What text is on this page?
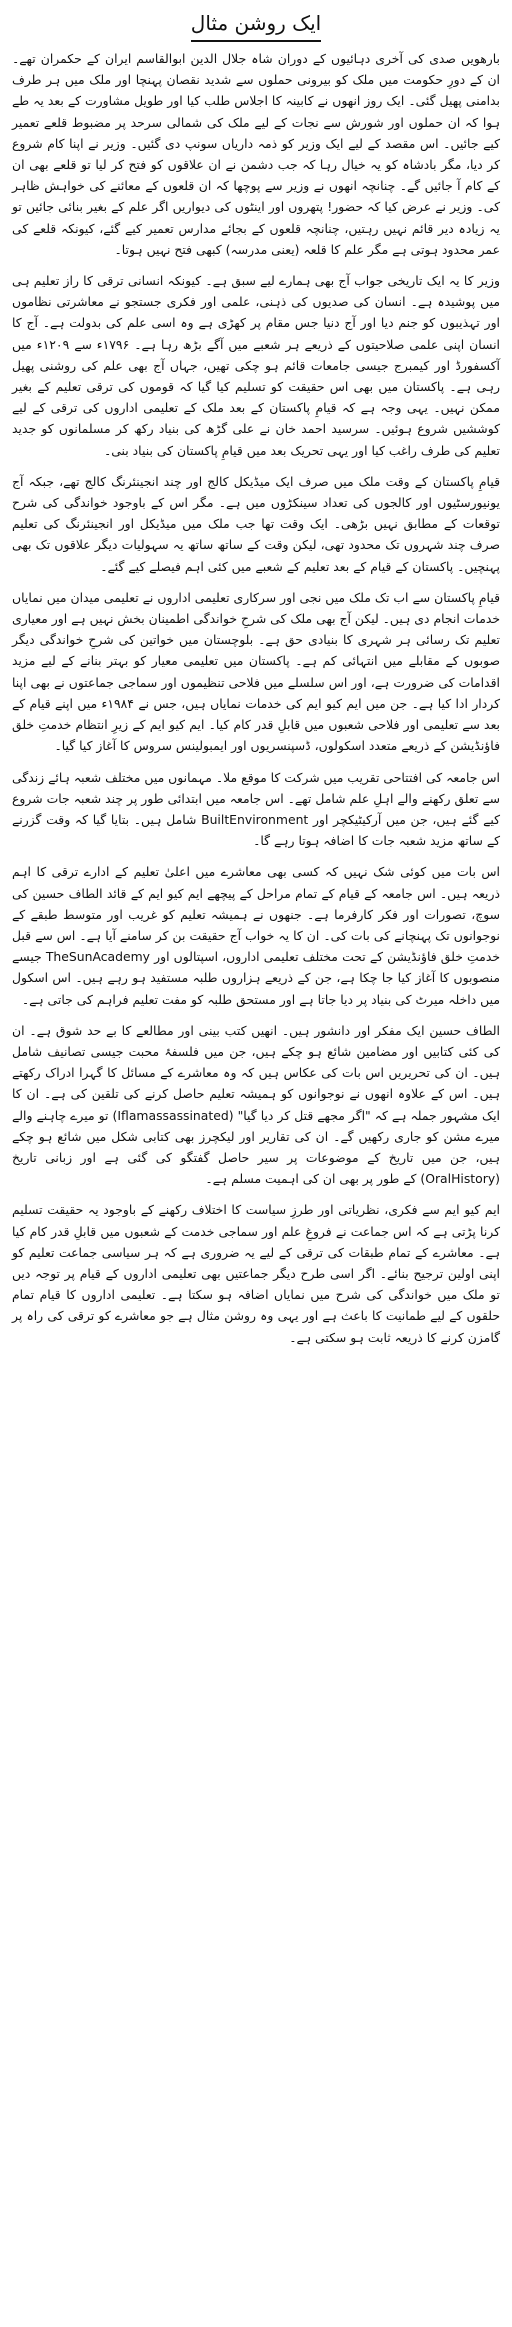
ایک روشن مثال

بارھویں صدی کی آخری دہائیوں کے دوران شاہ جلال الدین ابوالقاسم ایران کے حکمران تھے۔ ان کے دورِ حکومت میں ملک کو بیرونی حملوں سے شدید نقصان پہنچا اور ملک میں ہر طرف بدامنی پھیل گئی۔ ایک روز انھوں نے کابینہ کا اجلاس طلب کیا اور طویل مشاورت کے بعد یہ طے ہوا کہ ان حملوں اور شورش سے نجات کے لیے ملک کی شمالی سرحد پر مضبوط قلعے تعمیر کیے جائیں۔ اس مقصد کے لیے ایک وزیر کو ذمہ داریاں سونپ دی گئیں۔ وزیر نے اپنا کام شروع کر دیا، مگر بادشاہ کو یہ خیال رہا کہ جب دشمن نے ان علاقوں کو فتح کر لیا تو قلعے بھی ان کے کام آ جائیں گے۔ چنانچہ انھوں نے وزیر سے پوچھا کہ ان قلعوں کے معائنے کی خواہش ظاہر کی۔ وزیر نے عرض کیا کہ حضور! پتھروں اور اینٹوں کی دیواریں اگر علم کے بغیر بنائی جائیں تو یہ زیادہ دیر قائم نہیں رہتیں، چنانچہ قلعوں کے بجائے مدارس تعمیر کیے گئے، کیونکہ قلعے کی عمر محدود ہوتی ہے مگر علم کا قلعہ (یعنی مدرسہ) کبھی فتح نہیں ہوتا۔

وزیر کا یہ ایک تاریخی جواب آج بھی ہمارے لیے سبق ہے۔ کیونکہ انسانی ترقی کا راز تعلیم ہی میں پوشیدہ ہے۔ انسان کی صدیوں کی ذہنی، علمی اور فکری جستجو نے معاشرتی نظاموں اور تہذیبوں کو جنم دیا اور آج دنیا جس مقام پر کھڑی ہے وہ اسی علم کی بدولت ہے۔ آج کا انسان اپنی علمی صلاحیتوں کے ذریعے ہر شعبے میں آگے بڑھ رہا ہے۔ ۱۷۹۶ء سے ۱۲۰۹ء میں آکسفورڈ اور کیمبرج جیسی جامعات قائم ہو چکی تھیں، جہاں آج بھی علم کی روشنی پھیل رہی ہے۔ پاکستان میں بھی اس حقیقت کو تسلیم کیا گیا کہ قوموں کی ترقی تعلیم کے بغیر ممکن نہیں۔ یہی وجہ ہے کہ قیامِ پاکستان کے بعد ملک کے تعلیمی اداروں کی ترقی کے لیے کوششیں شروع ہوئیں۔ سرسید احمد خان نے علی گڑھ کی بنیاد رکھ کر مسلمانوں کو جدید تعلیم کی طرف راغب کیا اور یہی تحریک بعد میں قیامِ پاکستان کی بنیاد بنی۔

قیامِ پاکستان کے وقت ملک میں صرف ایک میڈیکل کالج اور چند انجینئرنگ کالج تھے، جبکہ آج یونیورسٹیوں اور کالجوں کی تعداد سینکڑوں میں ہے۔ مگر اس کے باوجود خواندگی کی شرح توقعات کے مطابق نہیں بڑھی۔ ایک وقت تھا جب ملک میں میڈیکل اور انجینئرنگ کی تعلیم صرف چند شہروں تک محدود تھی، لیکن وقت کے ساتھ ساتھ یہ سہولیات دیگر علاقوں تک بھی پہنچیں۔ پاکستان کے قیام کے بعد تعلیم کے شعبے میں کئی اہم فیصلے کیے گئے۔

قیامِ پاکستان سے اب تک ملک میں نجی اور سرکاری تعلیمی اداروں نے تعلیمی میدان میں نمایاں خدمات انجام دی ہیں۔ لیکن آج بھی ملک کی شرحِ خواندگی اطمینان بخش نہیں ہے اور معیاری تعلیم تک رسائی ہر شہری کا بنیادی حق ہے۔ بلوچستان میں خواتین کی شرحِ خواندگی دیگر صوبوں کے مقابلے میں انتہائی کم ہے۔ پاکستان میں تعلیمی معیار کو بہتر بنانے کے لیے مزید اقدامات کی ضرورت ہے، اور اس سلسلے میں فلاحی تنظیموں اور سماجی جماعتوں نے بھی اپنا کردار ادا کیا ہے۔ جن میں ایم کیو ایم کی خدمات نمایاں ہیں، جس نے ۱۹۸۴ء میں اپنے قیام کے بعد سے تعلیمی اور فلاحی شعبوں میں قابلِ قدر کام کیا۔ ایم کیو ایم کے زیرِ انتظام خدمتِ خلق فاؤنڈیشن کے ذریعے متعدد اسکولوں، ڈسپنسریوں اور ایمبولینس سروس کا آغاز کیا گیا۔

اس جامعہ کی افتتاحی تقریب میں شرکت کا موقع ملا۔ مہمانوں میں مختلف شعبہ ہائے زندگی سے تعلق رکھنے والے اہلِ علم شامل تھے۔ اس جامعہ میں ابتدائی طور پر چند شعبہ جات شروع کیے گئے ہیں، جن میں آرکیٹیکچر اور BuiltEnvironment شامل ہیں۔ بتایا گیا کہ وقت گزرنے کے ساتھ مزید شعبہ جات کا اضافہ ہوتا رہے گا۔

اس بات میں کوئی شک نہیں کہ کسی بھی معاشرے میں اعلیٰ تعلیم کے ادارے ترقی کا اہم ذریعہ ہیں۔ اس جامعہ کے قیام کے تمام مراحل کے پیچھے ایم کیو ایم کے قائد الطاف حسین کی سوچ، تصورات اور فکر کارفرما ہے۔ جنھوں نے ہمیشہ تعلیم کو غریب اور متوسط طبقے کے نوجوانوں تک پہنچانے کی بات کی۔ ان کا یہ خواب آج حقیقت بن کر سامنے آیا ہے۔ اس سے قبل خدمتِ خلق فاؤنڈیشن کے تحت مختلف تعلیمی اداروں، اسپتالوں اور TheSunAcademy جیسے منصوبوں کا آغاز کیا جا چکا ہے، جن کے ذریعے ہزاروں طلبہ مستفید ہو رہے ہیں۔ اس اسکول میں داخلہ میرٹ کی بنیاد پر دیا جاتا ہے اور مستحق طلبہ کو مفت تعلیم فراہم کی جاتی ہے۔

الطاف حسین ایک مفکر اور دانشور ہیں۔ انھیں کتب بینی اور مطالعے کا بے حد شوق ہے۔ ان کی کئی کتابیں اور مضامین شائع ہو چکے ہیں، جن میں فلسفۂ محبت جیسی تصانیف شامل ہیں۔ ان کی تحریریں اس بات کی عکاس ہیں کہ وہ معاشرے کے مسائل کا گہرا ادراک رکھتے ہیں۔ اس کے علاوہ انھوں نے نوجوانوں کو ہمیشہ تعلیم حاصل کرنے کی تلقین کی ہے۔ ان کا ایک مشہور جملہ ہے کہ "اگر مجھے قتل کر دیا گیا" (Iflamassassinated) تو میرے چاہنے والے میرے مشن کو جاری رکھیں گے۔ ان کی تقاریر اور لیکچرز بھی کتابی شکل میں شائع ہو چکے ہیں، جن میں تاریخ کے موضوعات پر سیر حاصل گفتگو کی گئی ہے اور زبانی تاریخ (OralHistory) کے طور پر بھی ان کی اہمیت مسلم ہے۔

ایم کیو ایم سے فکری، نظریاتی اور طرزِ سیاست کا اختلاف رکھنے کے باوجود یہ حقیقت تسلیم کرنا پڑتی ہے کہ اس جماعت نے فروغِ علم اور سماجی خدمت کے شعبوں میں قابلِ قدر کام کیا ہے۔ معاشرے کے تمام طبقات کی ترقی کے لیے یہ ضروری ہے کہ ہر سیاسی جماعت تعلیم کو اپنی اولین ترجیح بنائے۔ اگر اسی طرح دیگر جماعتیں بھی تعلیمی اداروں کے قیام پر توجہ دیں تو ملک میں خواندگی کی شرح میں نمایاں اضافہ ہو سکتا ہے۔ تعلیمی اداروں کا قیام تمام حلقوں کے لیے طمانیت کا باعث ہے اور یہی وہ روشن مثال ہے جو معاشرے کو ترقی کی راہ پر گامزن کرنے کا ذریعہ ثابت ہو سکتی ہے۔
